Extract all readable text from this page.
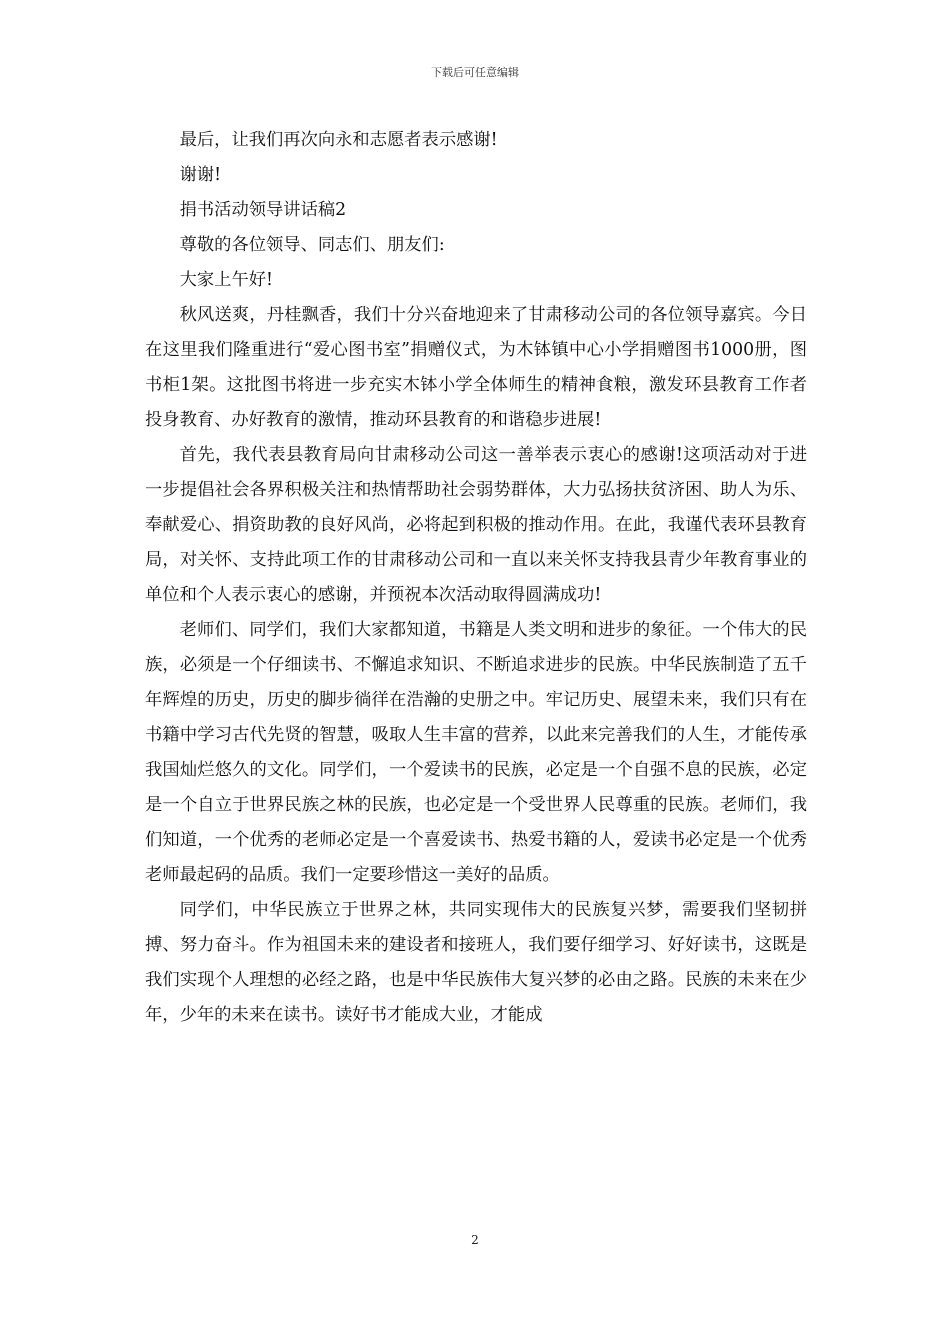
下载后可任意编辑

最后，让我们再次向永和志愿者表示感谢!

谢谢!

捐书活动领导讲话稿2

尊敬的各位领导、同志们、朋友们:

大家上午好!

秋风送爽，丹桂飘香，我们十分兴奋地迎来了甘肃移动公司的各位领导嘉宾。今日在这里我们隆重进行“爱心图书室”捐赠仪式，为木钵镇中心小学捐赠图书1000册，图书柜1架。这批图书将进一步充实木钵小学全体师生的精神食粮，激发环县教育工作者投身教育、办好教育的激情，推动环县教育的和谐稳步进展!

首先，我代表县教育局向甘肃移动公司这一善举表示衷心的感谢!这项活动对于进一步提倡社会各界积极关注和热情帮助社会弱势群体，大力弘扬扶贫济困、助人为乐、奉献爱心、捐资助教的良好风尚，必将起到积极的推动作用。在此，我谨代表环县教育局，对关怀、支持此项工作的甘肃移动公司和一直以来关怀支持我县青少年教育事业的单位和个人表示衷心的感谢，并预祝本次活动取得圆满成功!

老师们、同学们，我们大家都知道，书籍是人类文明和进步的象征。一个伟大的民族，必须是一个仔细读书、不懈追求知识、不断追求进步的民族。中华民族制造了五千年辉煌的历史，历史的脚步徜徉在浩瀚的史册之中。牢记历史、展望未来，我们只有在书籍中学习古代先贤的智慧，吸取人生丰富的营养，以此来完善我们的人生，才能传承我国灿烂悠久的文化。同学们，一个爱读书的民族，必定是一个自强不息的民族，必定是一个自立于世界民族之林的民族，也必定是一个受世界人民尊重的民族。老师们，我们知道，一个优秀的老师必定是一个喜爱读书、热爱书籍的人，爱读书必定是一个优秀老师最起码的品质。我们一定要珍惜这一美好的品质。

同学们，中华民族立于世界之林，共同实现伟大的民族复兴梦，需要我们坚韧拼搏、努力奋斗。作为祖国未来的建设者和接班人，我们要仔细学习、好好读书，这既是我们实现个人理想的必经之路，也是中华民族伟大复兴梦的必由之路。民族的未来在少年，少年的未来在读书。读好书才能成大业，才能成

2
